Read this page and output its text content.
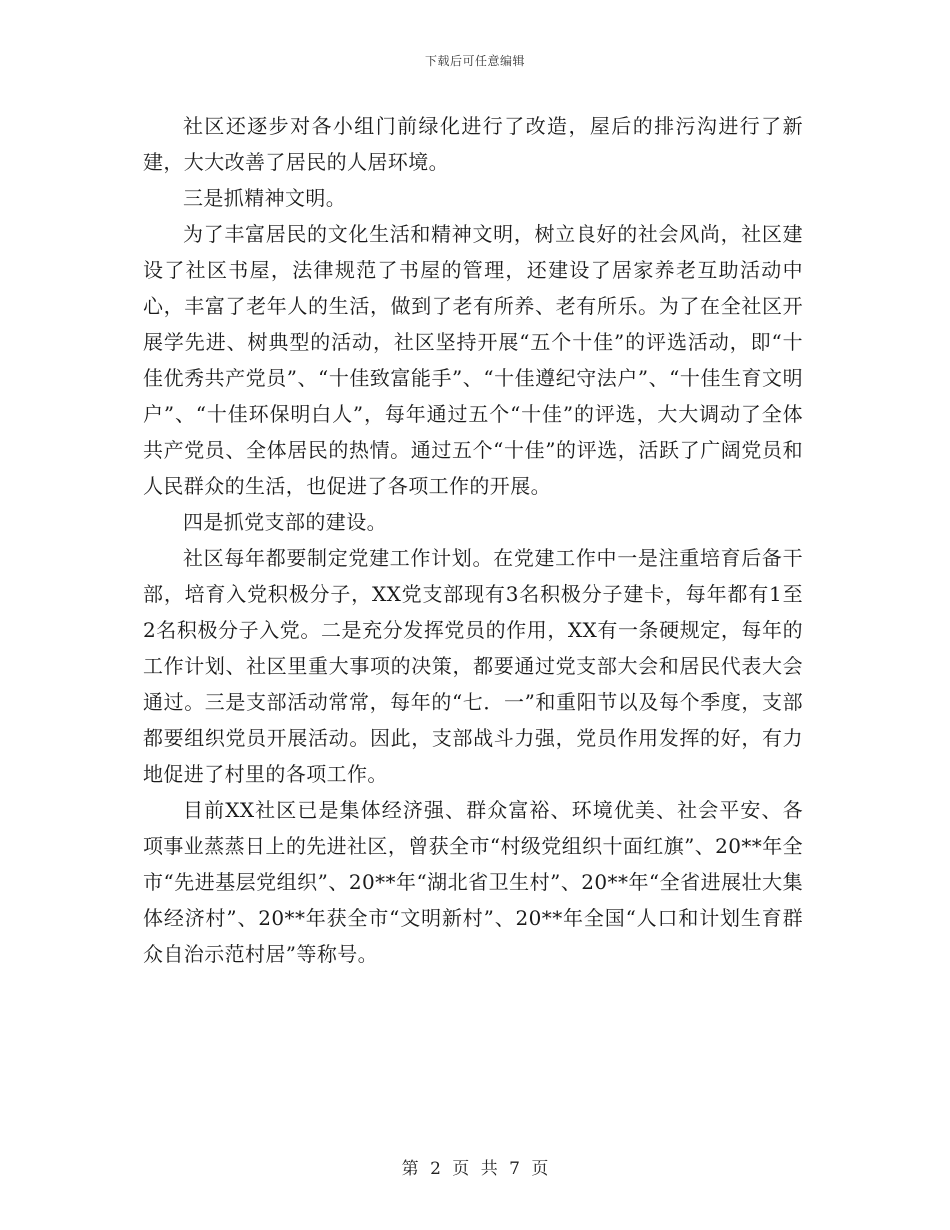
下载后可任意编辑

社区还逐步对各小组门前绿化进行了改造，屋后的排污沟进行了新建，大大改善了居民的人居环境。

三是抓精神文明。

为了丰富居民的文化生活和精神文明，树立良好的社会风尚，社区建设了社区书屋，法律规范了书屋的管理，还建设了居家养老互助活动中心，丰富了老年人的生活，做到了老有所养、老有所乐。为了在全社区开展学先进、树典型的活动，社区坚持开展“五个十佳”的评选活动，即“十佳优秀共产党员”、“十佳致富能手”、“十佳遵纪守法户”、“十佳生育文明户”、“十佳环保明白人”，每年通过五个“十佳”的评选，大大调动了全体共产党员、全体居民的热情。通过五个“十佳”的评选，活跃了广阔党员和人民群众的生活，也促进了各项工作的开展。

四是抓党支部的建设。

社区每年都要制定党建工作计划。在党建工作中一是注重培育后备干部，培育入党积极分子，XX党支部现有3名积极分子建卡，每年都有1至2名积极分子入党。二是充分发挥党员的作用，XX有一条硬规定，每年的工作计划、社区里重大事项的决策，都要通过党支部大会和居民代表大会通过。三是支部活动常常，每年的“七．一”和重阳节以及每个季度，支部都要组织党员开展活动。因此，支部战斗力强，党员作用发挥的好，有力地促进了村里的各项工作。

目前XX社区已是集体经济强、群众富裕、环境优美、社会平安、各项事业蒸蒸日上的先进社区，曾获全市“村级党组织十面红旗”、20**年全市“先进基层党组织”、20**年“湖北省卫生村”、20**年“全省进展壮大集体经济村”、20**年获全市“文明新村”、20**年全国“人口和计划生育群众自治示范村居”等称号。

第 2 页 共 7 页
